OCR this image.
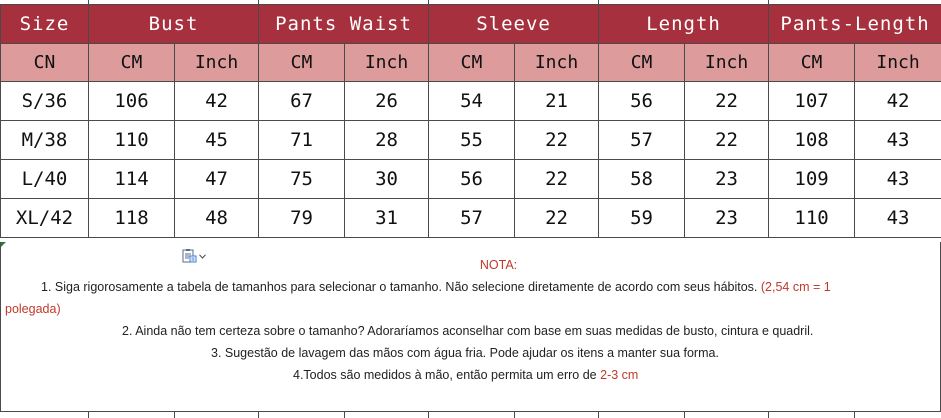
Size	Bust		Pants Waist		Sleeve		Length		Pants-Length	
CN	CM	Inch	CM	Inch	CM	Inch	CM	Inch	CM	Inch
S/36	106	42	67	26	54	21	56	22	107	42
M/38	110	45	71	28	55	22	57	22	108	43
L/40	114	47	75	30	56	22	58	23	109	43
XL/42	118	48	79	31	57	22	59	23	110	43
NOTA:
1. Siga rigorosamente a tabela de tamanhos para selecionar o tamanho. Não selecione diretamente de acordo com seus hábitos. (2,54 cm = 1
polegada)
2. Ainda não tem certeza sobre o tamanho? Adoraríamos aconselhar com base em suas medidas de busto, cintura e quadril.
3. Sugestão de lavagem das mãos com água fria. Pode ajudar os itens a manter sua forma.
4.Todos são medidos à mão, então permita um erro de 2-3 cm
